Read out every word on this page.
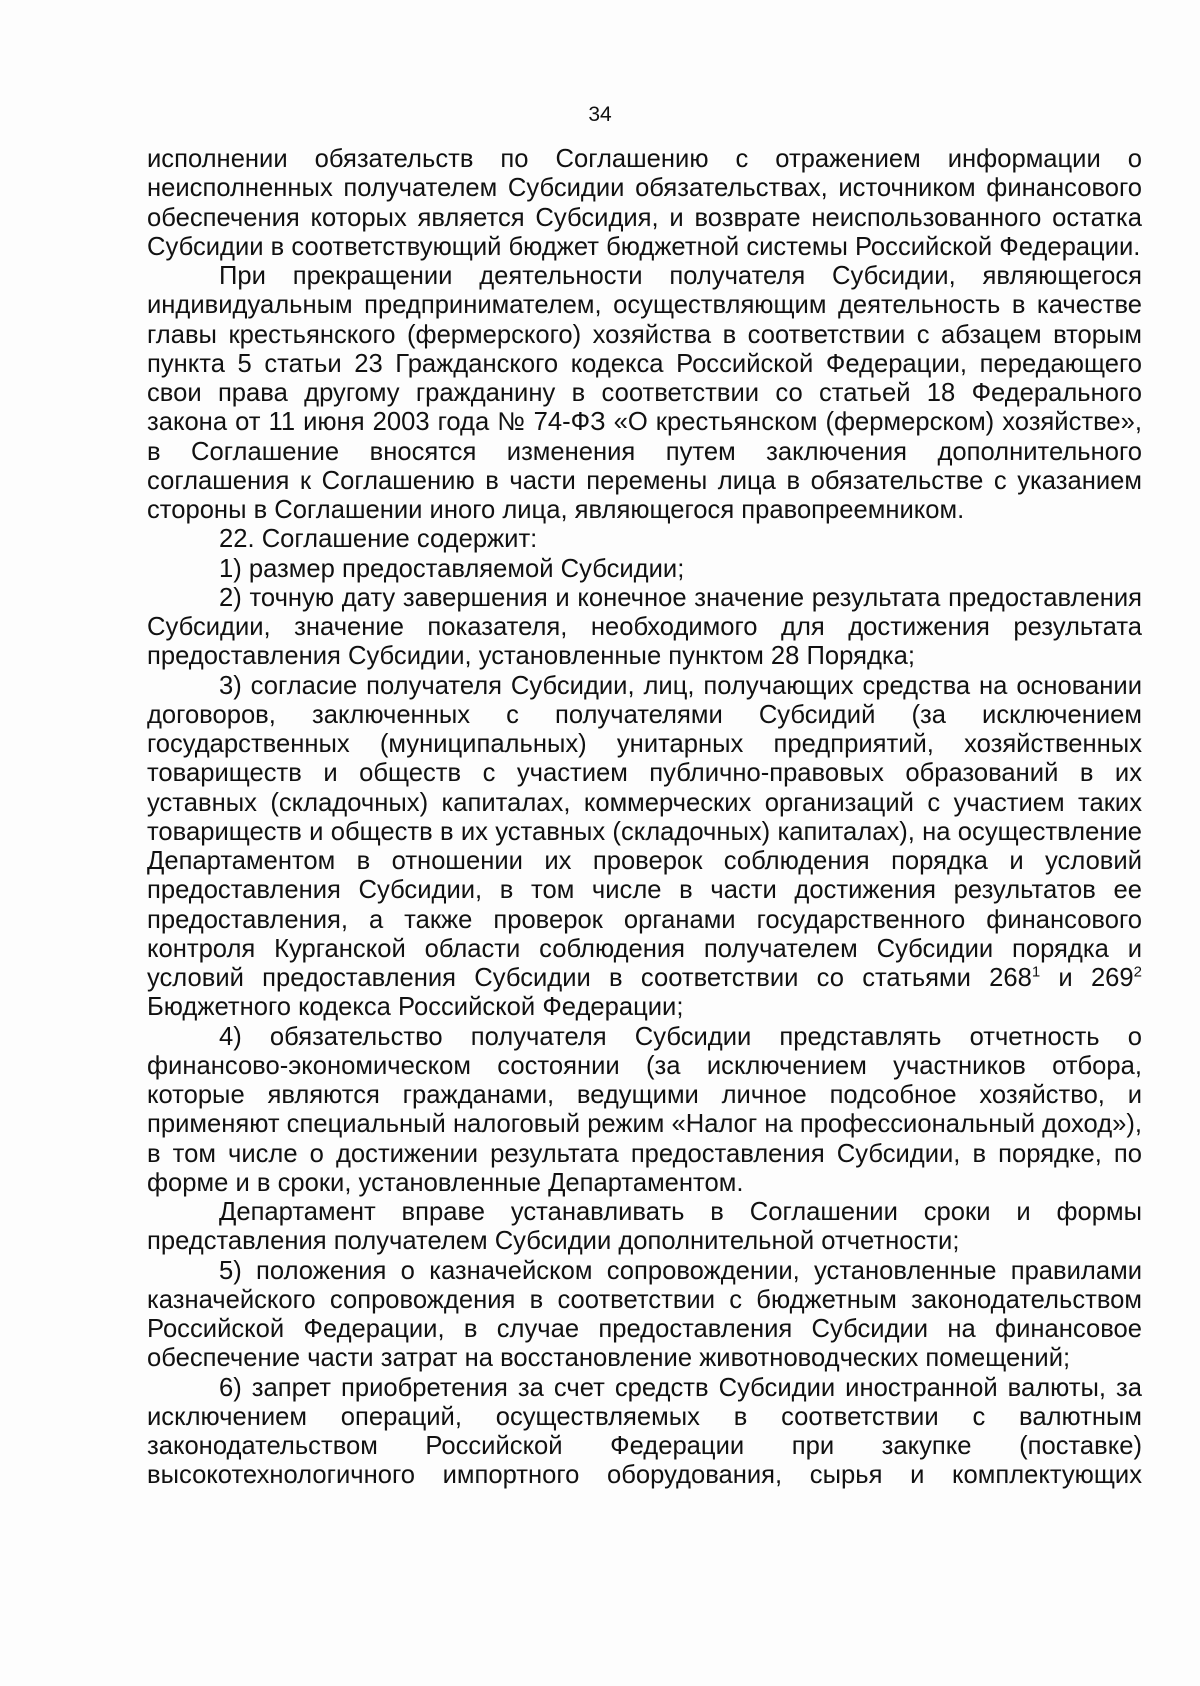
34

исполнении обязательств по Соглашению с отражением информации о неисполненных получателем Субсидии обязательствах, источником финансового обеспечения которых является Субсидия, и возврате неиспользованного остатка Субсидии в соответствующий бюджет бюджетной системы Российской Федерации.

При прекращении деятельности получателя Субсидии, являющегося индивидуальным предпринимателем, осуществляющим деятельность в качестве главы крестьянского (фермерского) хозяйства в соответствии с абзацем вторым пункта 5 статьи 23 Гражданского кодекса Российской Федерации, передающего свои права другому гражданину в соответствии со статьей 18 Федерального закона от 11 июня 2003 года № 74-ФЗ «О крестьянском (фермерском) хозяйстве», в Соглашение вносятся изменения путем заключения дополнительного соглашения к Соглашению в части перемены лица в обязательстве с указанием стороны в Соглашении иного лица, являющегося правопреемником.

22. Соглашение содержит:

1) размер предоставляемой Субсидии;

2) точную дату завершения и конечное значение результата предоставления Субсидии, значение показателя, необходимого для достижения результата предоставления Субсидии, установленные пунктом 28 Порядка;

3) согласие получателя Субсидии, лиц, получающих средства на основании договоров, заключенных с получателями Субсидий (за исключением государственных (муниципальных) унитарных предприятий, хозяйственных товариществ и обществ с участием публично-правовых образований в их уставных (складочных) капиталах, коммерческих организаций с участием таких товариществ и обществ в их уставных (складочных) капиталах), на осуществление Департаментом в отношении их проверок соблюдения порядка и условий предоставления Субсидии, в том числе в части достижения результатов ее предоставления, а также проверок органами государственного финансового контроля Курганской области соблюдения получателем Субсидии порядка и условий предоставления Субсидии в соответствии со статьями $268^1$ и $269^2$ Бюджетного кодекса Российской Федерации;

4) обязательство получателя Субсидии представлять отчетность о финансово-экономическом состоянии (за исключением участников отбора, которые являются гражданами, ведущими личное подсобное хозяйство, и применяют специальный налоговый режим «Налог на профессиональный доход»), в том числе о достижении результата предоставления Субсидии, в порядке, по форме и в сроки, установленные Департаментом.

Департамент вправе устанавливать в Соглашении сроки и формы представления получателем Субсидии дополнительной отчетности;

5) положения о казначейском сопровождении, установленные правилами казначейского сопровождения в соответствии с бюджетным законодательством Российской Федерации, в случае предоставления Субсидии на финансовое обеспечение части затрат на восстановление животноводческих помещений;

6) запрет приобретения за счет средств Субсидии иностранной валюты, за исключением операций, осуществляемых в соответствии с валютным законодательством Российской Федерации при закупке (поставке) высокотехнологичного импортного оборудования, сырья и комплектующих
